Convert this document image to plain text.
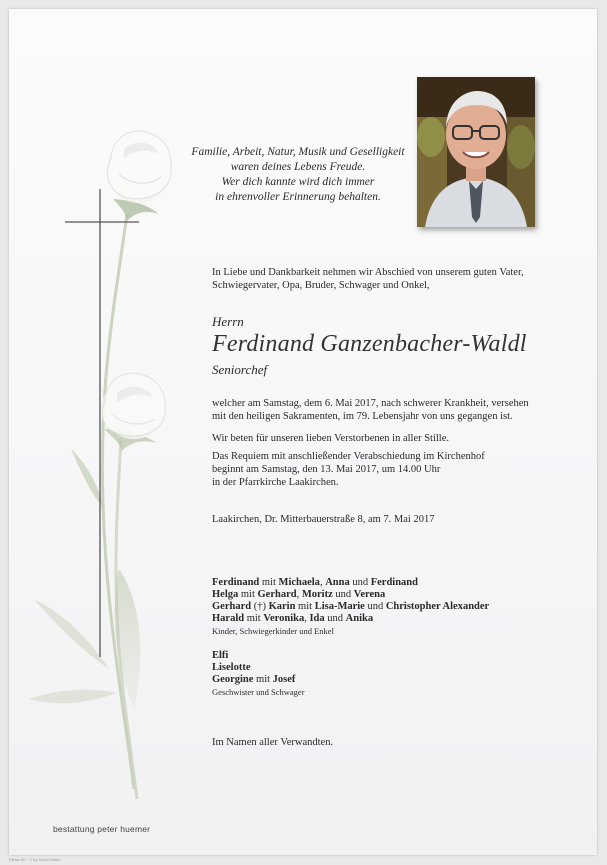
Familie, Arbeit, Natur, Musik und Geselligkeit
waren deines Lebens Freude.
Wer dich kannte wird dich immer
in ehrenvoller Erinnerung behalten.
In Liebe und Dankbarkeit nehmen wir Abschied von unserem guten Vater,
Schwiegervater, Opa, Bruder, Schwager und Onkel,
Herrn
Ferdinand Ganzenbacher-Waldl
Seniorchef
welcher am Samstag, dem 6. Mai 2017, nach schwerer Krankheit, versehen
mit den heiligen Sakramenten, im 79. Lebensjahr von uns gegangen ist.
Wir beten für unseren lieben Verstorbenen in aller Stille.
Das Requiem mit anschließender Verabschiedung im Kirchenhof
beginnt am Samstag, den 13. Mai 2017, um 14.00 Uhr
in der Pfarrkirche Laakirchen.
Laakirchen, Dr. Mitterbauerstraße 8, am 7. Mai 2017
Ferdinand mit Michaela, Anna und Ferdinand
Helga mit Gerhard, Moritz und Verena
Gerhard (†) Karin mit Lisa-Marie und Christopher Alexander
Harald mit Veronika, Ida und Anika
Kinder, Schwiegerkinder und Enkel
Elfi
Liselotte
Georgine mit Josef
Geschwister und Schwager
Im Namen aller Verwandten.
bestattung peter huemer
Pietas 80 · © by Ulrich Rotter
